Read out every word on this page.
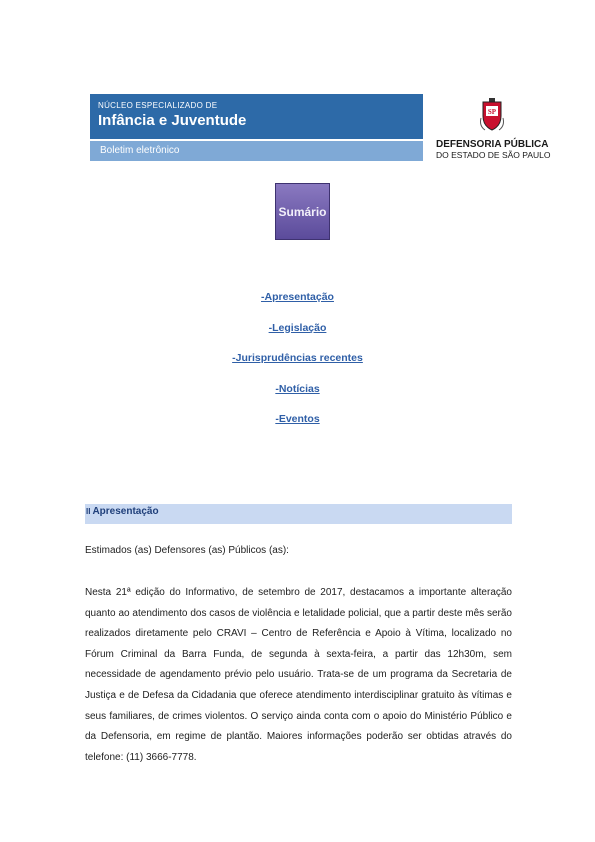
NÚCLEO ESPECIALIZADO DE
Infância e Juventude
Boletim eletrônico
SP
DEFENSORIA PÚBLICA
DO ESTADO DE SÃO PAULO
Sumário
-Apresentação
-Legislação
-Jurisprudências recentes
-Notícias
-Eventos
II Apresentação
Estimados (as) Defensores (as) Públicos (as):
Nesta 21ª edição do Informativo, de setembro de 2017, destacamos a importante alteração quanto ao atendimento dos casos de violência e letalidade policial, que a partir deste mês serão realizados diretamente pelo CRAVI – Centro de Referência e Apoio à Vítima, localizado no Fórum Criminal da Barra Funda, de segunda à sexta-feira, a partir das 12h30m, sem necessidade de agendamento prévio pelo usuário. Trata-se de um programa da Secretaria de Justiça e de Defesa da Cidadania que oferece atendimento interdisciplinar gratuito às vítimas e seus familiares, de crimes violentos. O serviço ainda conta com o apoio do Ministério Público e da Defensoria, em regime de plantão. Maiores informações poderão ser obtidas através do telefone: (11) 3666-7778.
